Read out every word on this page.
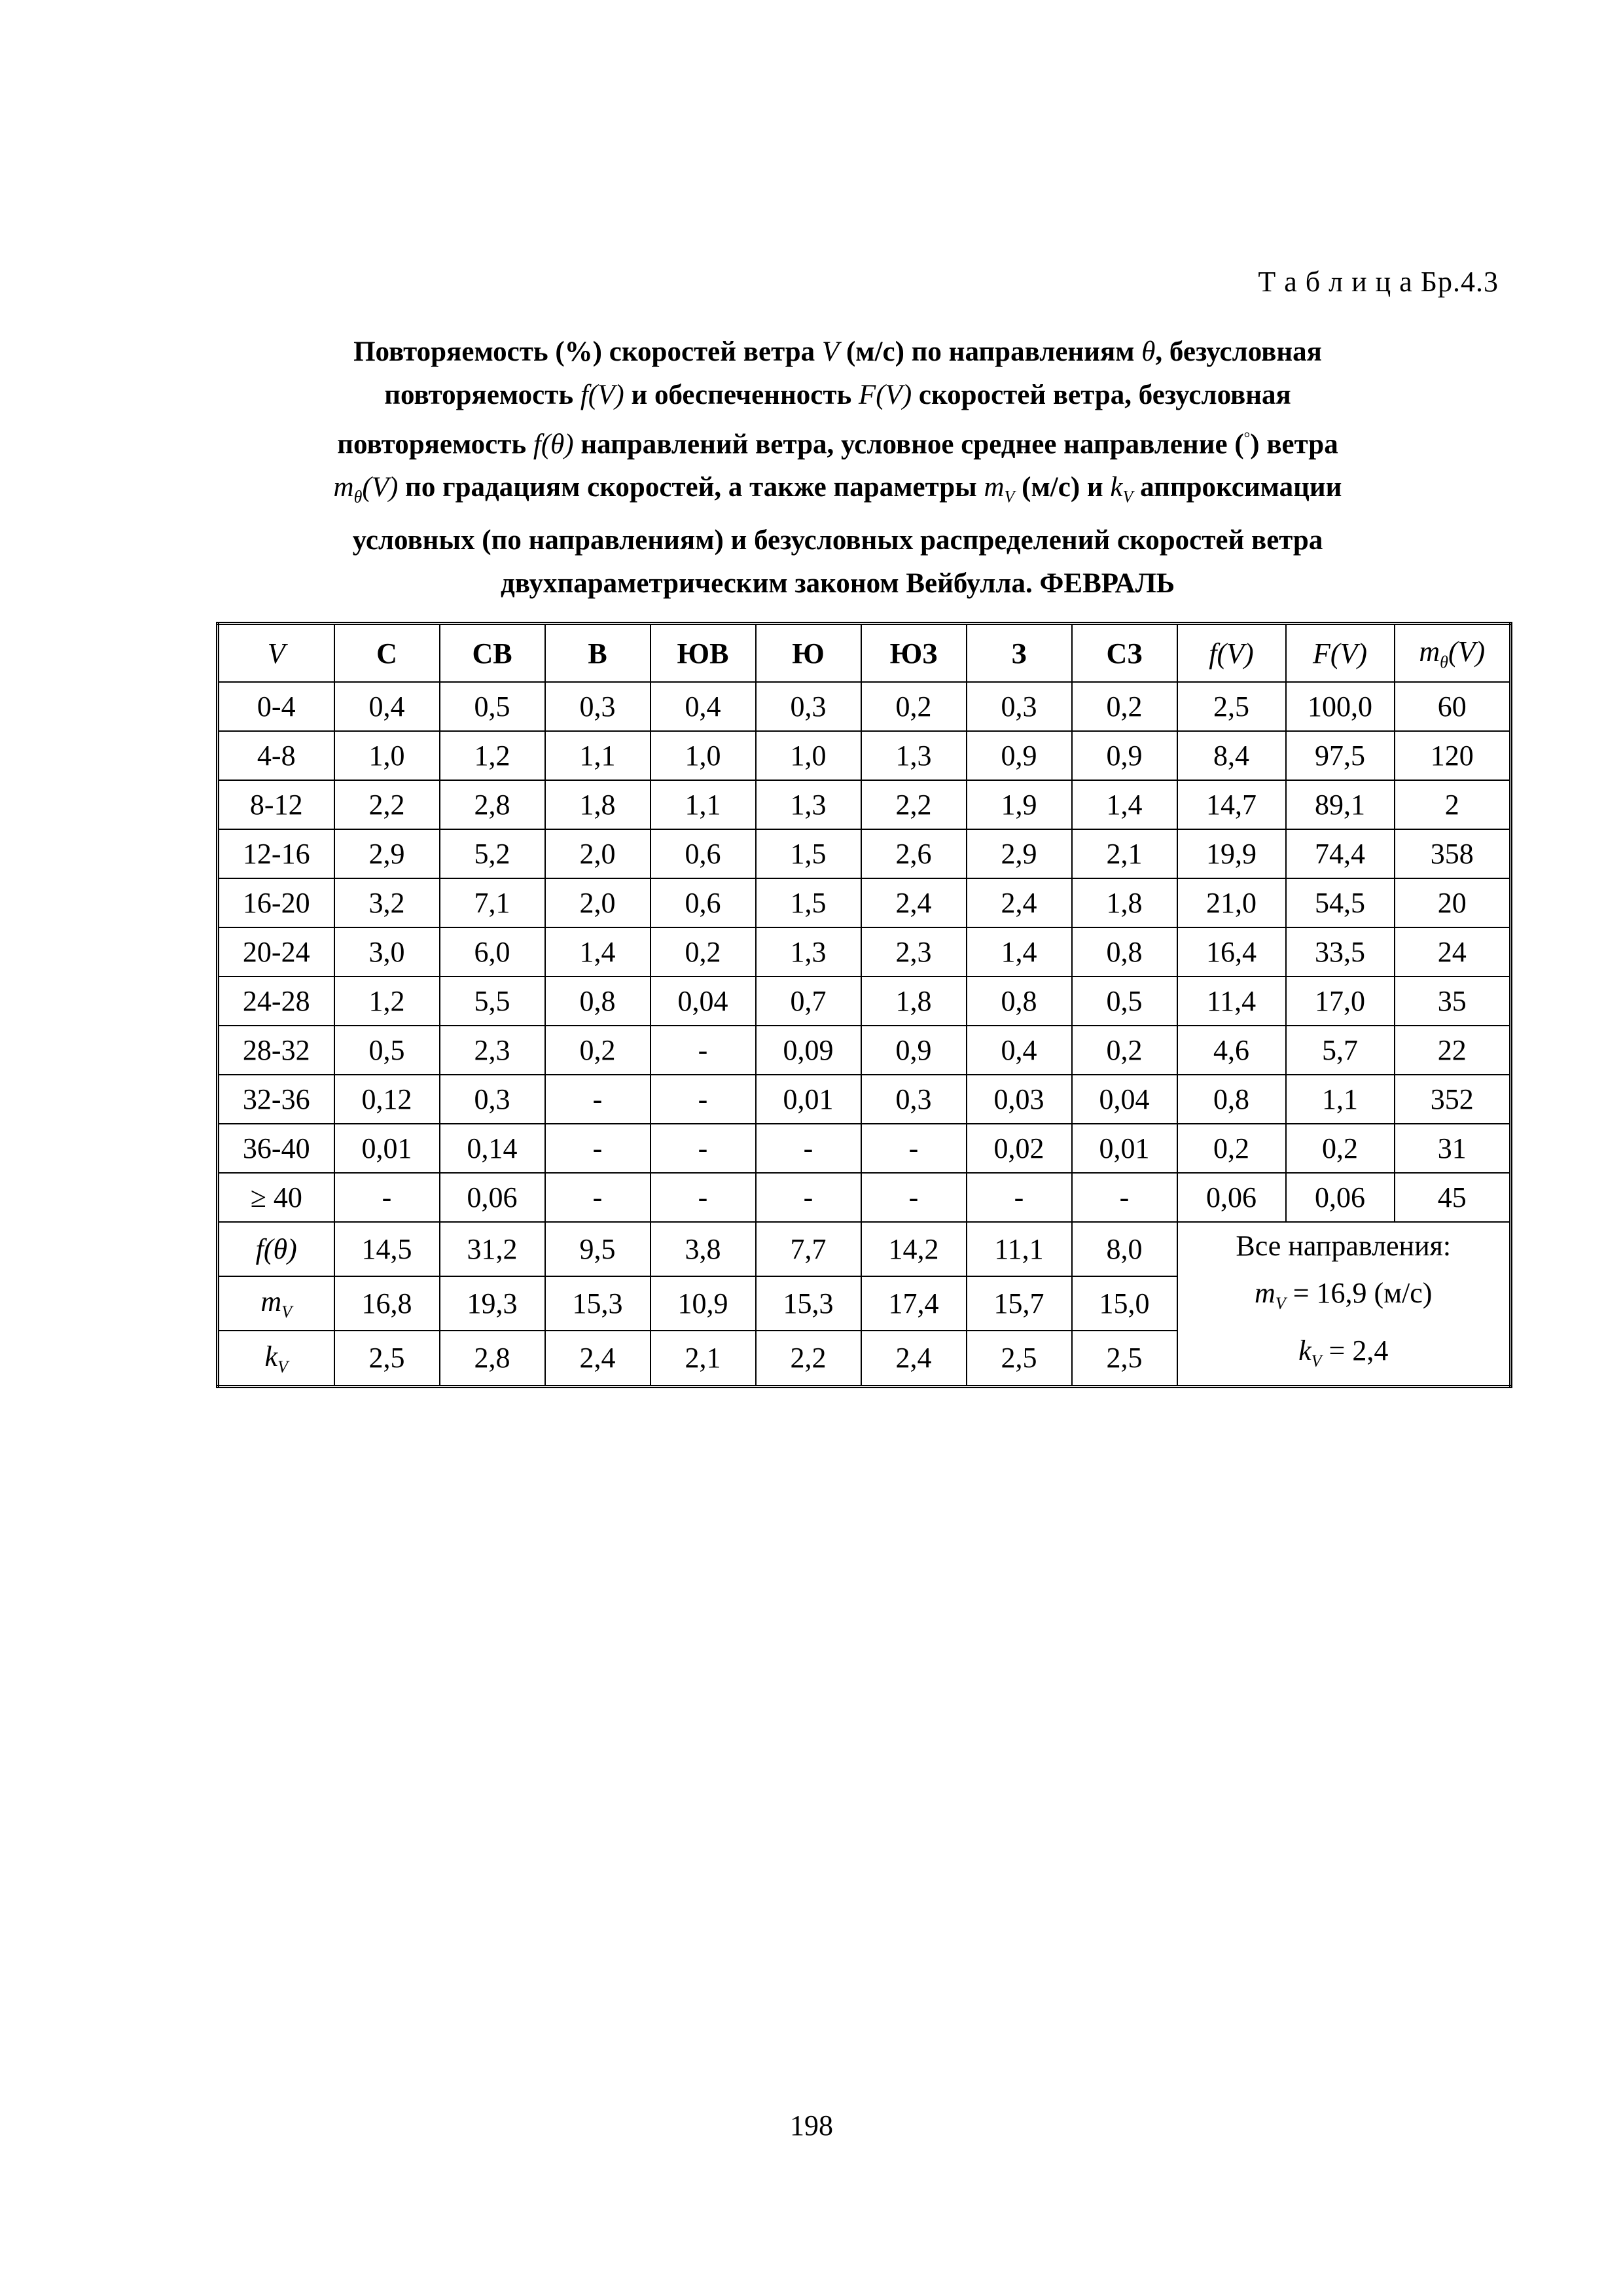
Т а б л и ц а Бр.4.3
Повторяемость (%) скоростей ветра V (м/с) по направлениям θ, безусловная
повторяемость f(V) и обеспеченность F(V) скоростей ветра, безусловная
повторяемость f(θ) направлений ветра, условное среднее направление (°) ветра
$m_\theta(V)$ по градациям скоростей, а также параметры $m_V$ (м/с) и $k_V$ аппроксимации
условных (по направлениям) и безусловных распределений скоростей ветра
двухпараметрическим законом Вейбулла. ФЕВРАЛЬ
V	С	СВ	В	ЮВ	Ю	ЮЗ	З	СЗ	f(V)	F(V)	$m_\theta(V)$
0-4	0,4	0,5	0,3	0,4	0,3	0,2	0,3	0,2	2,5	100,0	60
4-8	1,0	1,2	1,1	1,0	1,0	1,3	0,9	0,9	8,4	97,5	120
8-12	2,2	2,8	1,8	1,1	1,3	2,2	1,9	1,4	14,7	89,1	2
12-16	2,9	5,2	2,0	0,6	1,5	2,6	2,9	2,1	19,9	74,4	358
16-20	3,2	7,1	2,0	0,6	1,5	2,4	2,4	1,8	21,0	54,5	20
20-24	3,0	6,0	1,4	0,2	1,3	2,3	1,4	0,8	16,4	33,5	24
24-28	1,2	5,5	0,8	0,04	0,7	1,8	0,8	0,5	11,4	17,0	35
28-32	0,5	2,3	0,2	-	0,09	0,9	0,4	0,2	4,6	5,7	22
32-36	0,12	0,3	-	-	0,01	0,3	0,03	0,04	0,8	1,1	352
36-40	0,01	0,14	-	-	-	-	0,02	0,01	0,2	0,2	31
≥ 40	-	0,06	-	-	-	-	-	-	0,06	0,06	45
f(θ)	14,5	31,2	9,5	3,8	7,7	14,2	11,1	8,0	Все направления:
$m_V = 16,9$ (м/с)
$k_V = 2,4$		

$m_V$	16,8	19,3	15,3	10,9	15,3	17,4	15,7	15,0			
$k_V$	2,5	2,8	2,4	2,1	2,2	2,4	2,5	2,5			
198
